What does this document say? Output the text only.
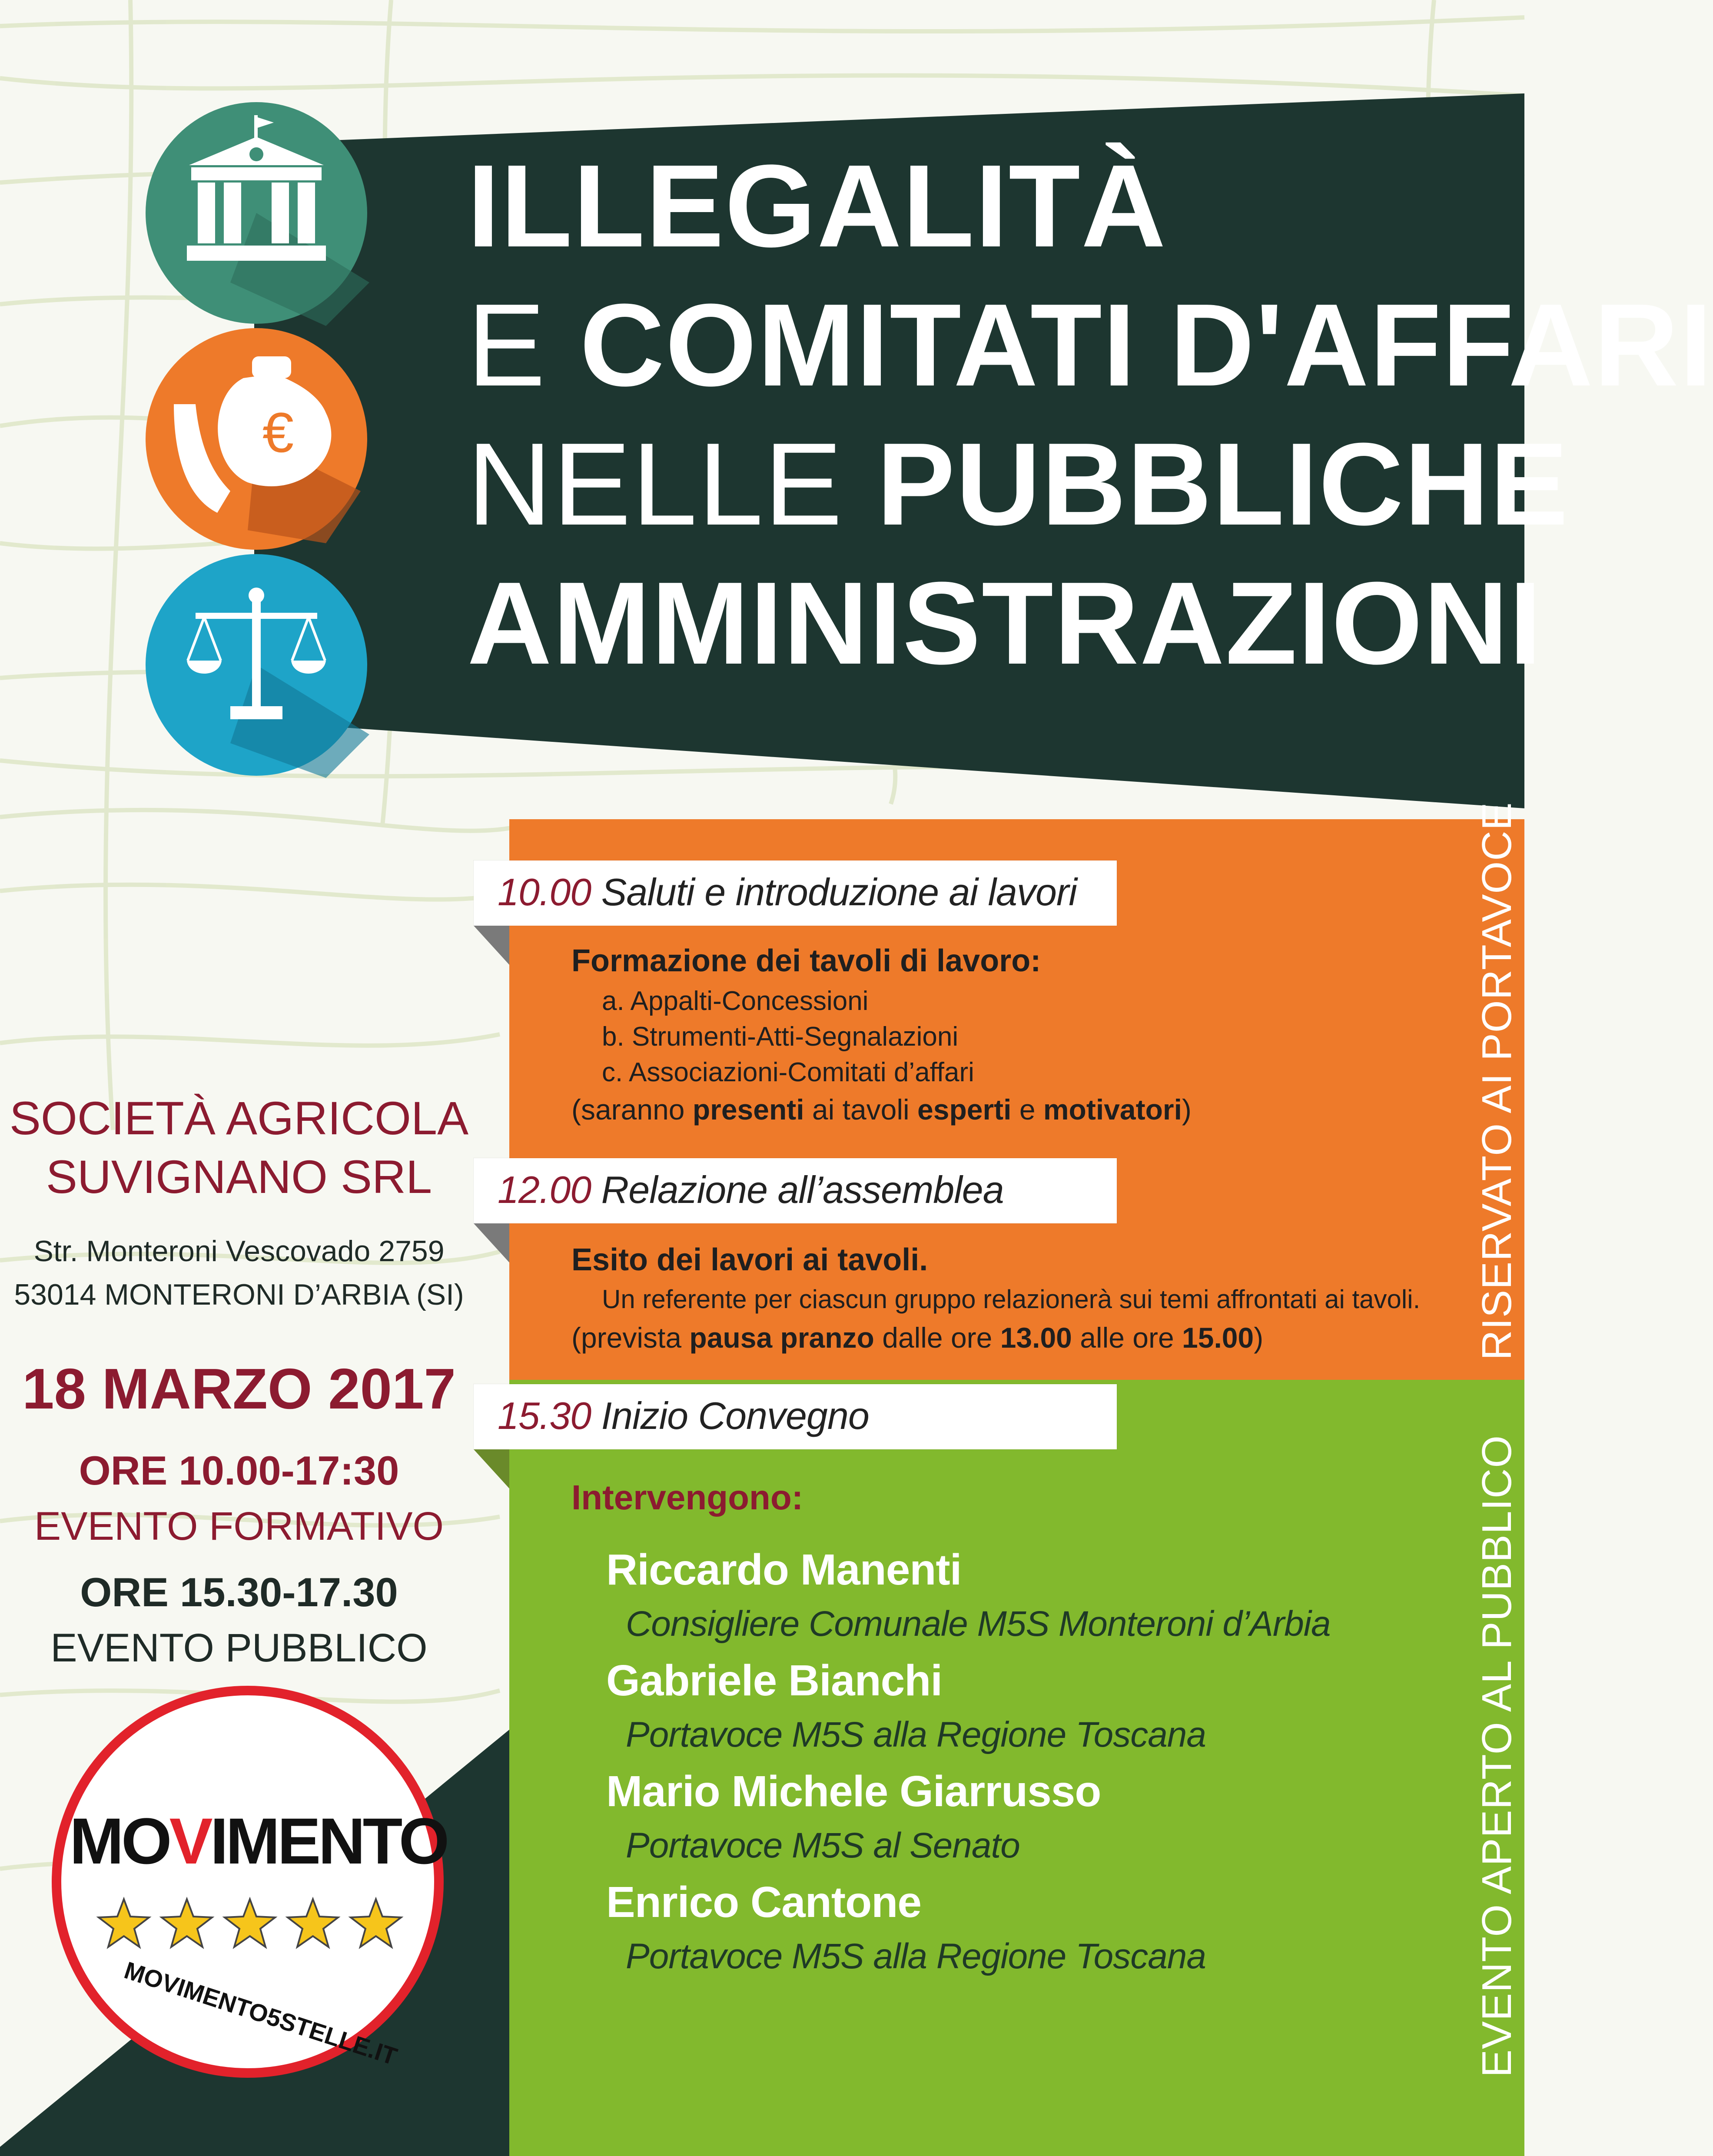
ILLEGALITÀ
E COMITATI D'AFFARI
NELLE PUBBLICHE
AMMINISTRAZIONI
€
RISERVATO AI PORTAVOCE
EVENTO APERTO AL PUBBLICO
10.00 Saluti e introduzione ai lavori
Formazione dei tavoli di lavoro:
a. Appalti-Concessioni
b. Strumenti-Atti-Segnalazioni
c. Associazioni-Comitati d’affari
(saranno presenti ai tavoli esperti e motivatori)
12.00 Relazione all’assemblea
Esito dei lavori ai tavoli.
Un referente per ciascun gruppo relazionerà sui temi affrontati ai tavoli.
(prevista pausa pranzo dalle ore 13.00 alle ore 15.00)
15.30 Inizio Convegno
Intervengono:
Riccardo Manenti
Consigliere Comunale M5S Monteroni d’Arbia
Gabriele Bianchi
Portavoce M5S alla Regione Toscana
Mario Michele Giarrusso
Portavoce M5S al Senato
Enrico Cantone
Portavoce M5S alla Regione Toscana
SOCIETÀ AGRICOLA
SUVIGNANO SRL
Str. Monteroni Vescovado 2759
53014 MONTERONI D’ARBIA (SI)
18 MARZO 2017
ORE 10.00-17:30
EVENTO FORMATIVO
ORE 15.30-17.30
EVENTO PUBBLICO
MOVIMENTO
MOVIMENTO5STELLE.IT
www.movimento5stelletoscana.it
